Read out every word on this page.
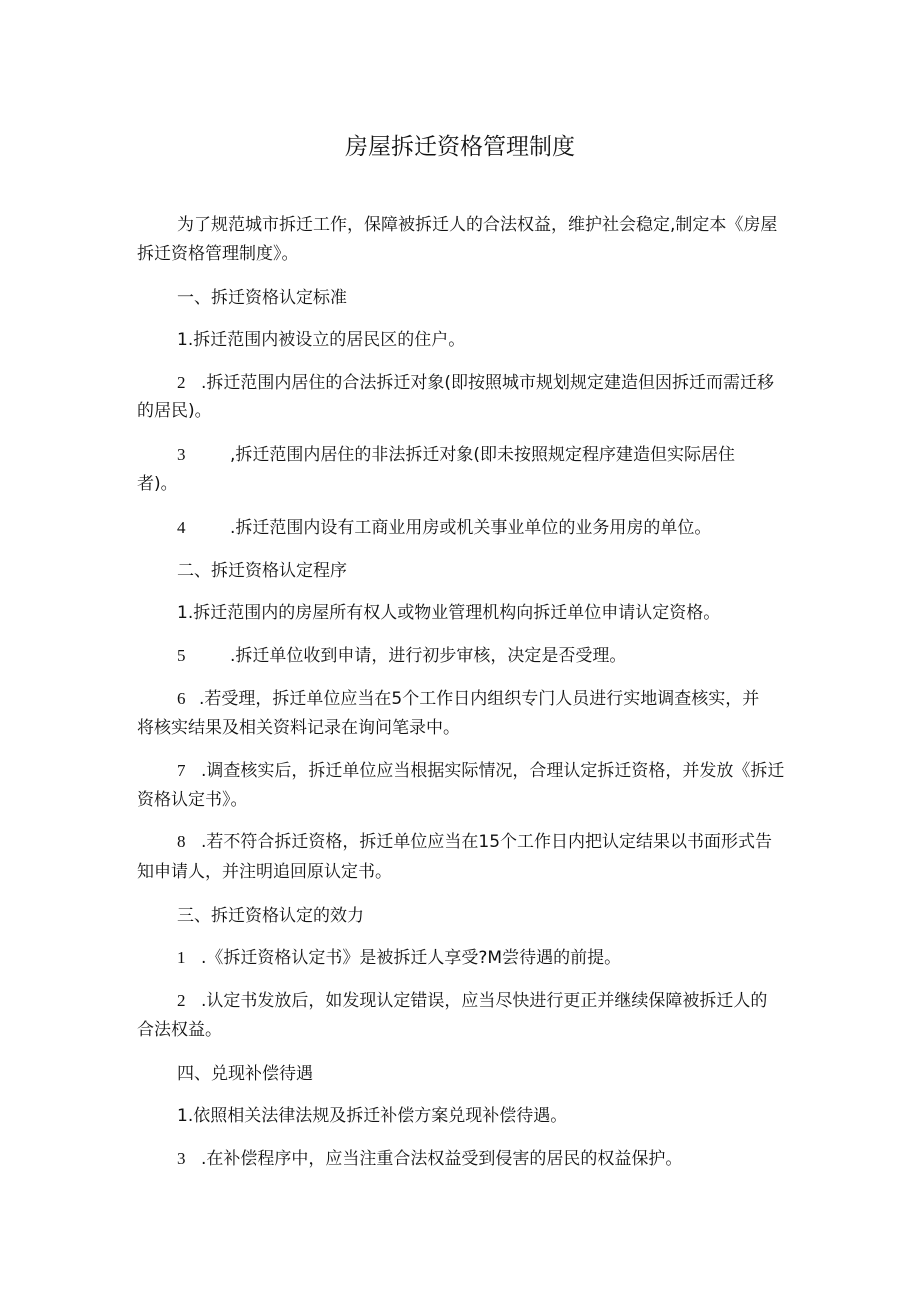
房屋拆迁资格管理制度
为了规范城市拆迁工作，保障被拆迁人的合法权益，维护社会稳定,制定本《房屋
拆迁资格管理制度》。
一、拆迁资格认定标准
1.拆迁范围内被设立的居民区的住户。
2 .拆迁范围内居住的合法拆迁对象(即按照城市规划规定建造但因拆迁而需迁移
的居民)。
3	,拆迁范围内居住的非法拆迁对象(即未按照规定程序建造但实际居住
者)。
4	.拆迁范围内设有工商业用房或机关事业单位的业务用房的单位。
二、拆迁资格认定程序
1.拆迁范围内的房屋所有权人或物业管理机构向拆迁单位申请认定资格。
5	.拆迁单位收到申请，进行初步审核，决定是否受理。
6 .若受理，拆迁单位应当在5个工作日内组织专门人员进行实地调查核实，并
将核实结果及相关资料记录在询问笔录中。
7 .调查核实后，拆迁单位应当根据实际情况，合理认定拆迁资格，并发放《拆迁
资格认定书》。
8 .若不符合拆迁资格，拆迁单位应当在15个工作日内把认定结果以书面形式告
知申请人，并注明追回原认定书。
三、拆迁资格认定的效力
1 .《拆迁资格认定书》是被拆迁人享受?M尝待遇的前提。
2 .认定书发放后，如发现认定错误，应当尽快进行更正并继续保障被拆迁人的
合法权益。
四、兑现补偿待遇
1.依照相关法律法规及拆迁补偿方案兑现补偿待遇。
3 .在补偿程序中，应当注重合法权益受到侵害的居民的权益保护。
